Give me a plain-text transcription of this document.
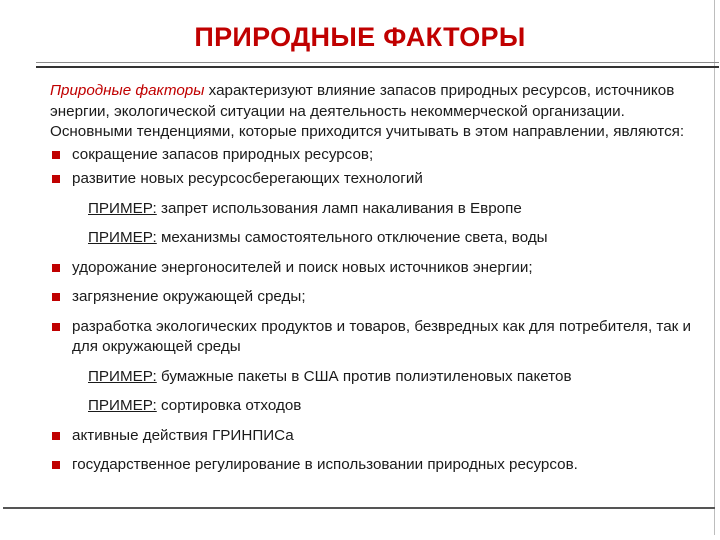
ПРИРОДНЫЕ ФАКТОРЫ

Природные факторы характеризуют влияние запасов природных ресурсов, источников энергии, экологической ситуации на деятельность некоммерческой организации. Основными тенденциями, которые приходится учитывать в этом направлении, являются:

сокращение запасов природных ресурсов;
развитие новых ресурсосберегающих технологий
ПРИМЕР: запрет использования ламп накаливания в Европе
ПРИМЕР: механизмы самостоятельного отключение света, воды
удорожание энергоносителей и поиск новых источников энергии;
загрязнение окружающей среды;
разработка экологических продуктов и товаров, безвредных как для потребителя, так и для окружающей среды
ПРИМЕР: бумажные пакеты в США против полиэтиленовых пакетов
ПРИМЕР: сортировка отходов
активные действия ГРИНПИСа
государственное регулирование в использовании природных ресурсов.
